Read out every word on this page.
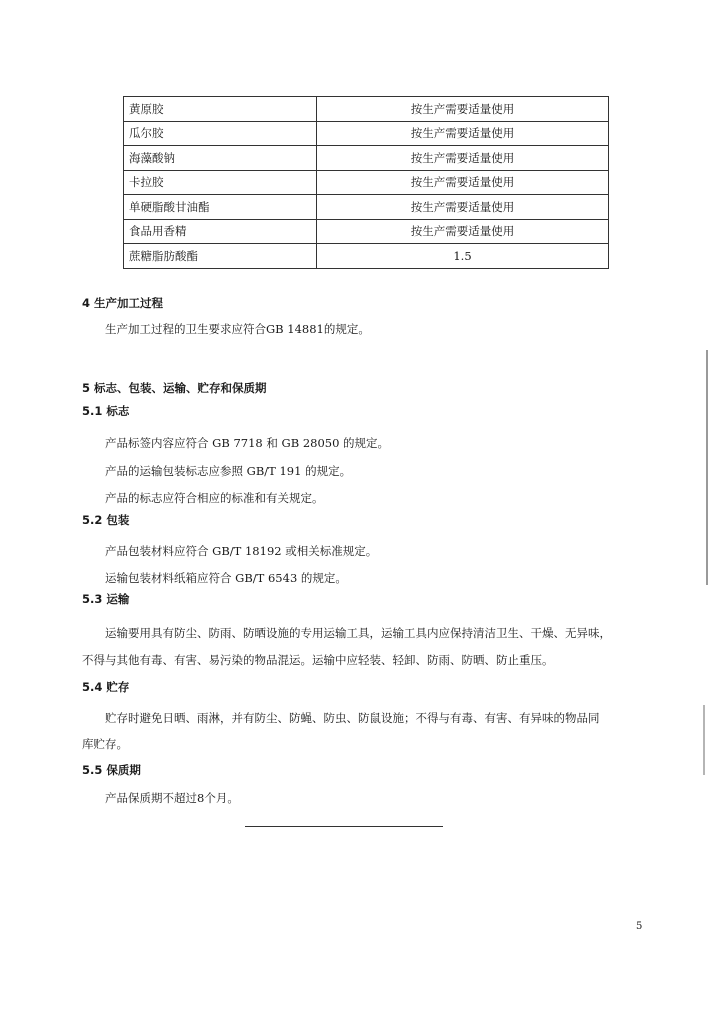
黄原胶	按生产需要适量使用
瓜尔胶	按生产需要适量使用
海藻酸钠	按生产需要适量使用
卡拉胶	按生产需要适量使用
单硬脂酸甘油酯	按生产需要适量使用
食品用香精	按生产需要适量使用
蔗糖脂肪酸酯	1.5
4 生产加工过程
生产加工过程的卫生要求应符合GB 14881的规定。
5 标志、包装、运输、贮存和保质期
5.1 标志
产品标签内容应符合 GB 7718 和 GB 28050 的规定。
产品的运输包装标志应参照 GB/T 191 的规定。
产品的标志应符合相应的标准和有关规定。
5.2 包装
产品包装材料应符合 GB/T 18192 或相关标准规定。
运输包装材料纸箱应符合 GB/T 6543 的规定。
5.3 运输
运输要用具有防尘、防雨、防晒设施的专用运输工具，运输工具内应保持清洁卫生、干燥、无异味，
不得与其他有毒、有害、易污染的物品混运。运输中应轻装、轻卸、防雨、防晒、防止重压。
5.4 贮存
贮存时避免日晒、雨淋，并有防尘、防蝇、防虫、防鼠设施；不得与有毒、有害、有异味的物品同
库贮存。
5.5 保质期
产品保质期不超过8个月。
5
